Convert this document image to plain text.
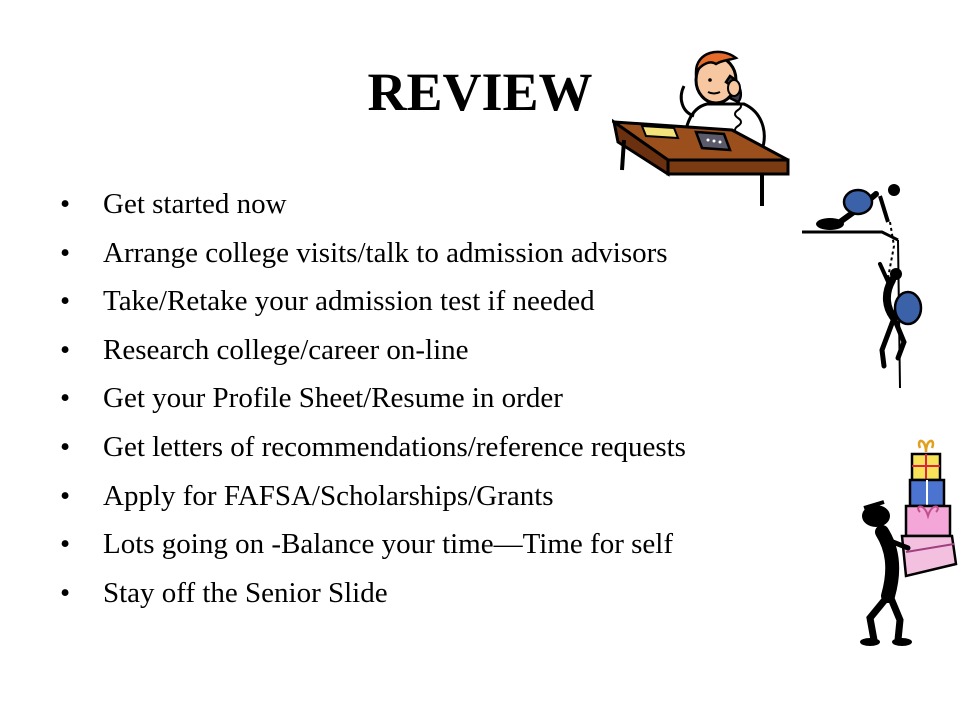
REVIEW
• Get started now
• Arrange college visits/talk to admission advisors
• Take/Retake your admission test if needed
• Research college/career on-line
• Get your Profile Sheet/Resume in order
• Get letters of recommendations/reference requests
• Apply for FAFSA/Scholarships/Grants
• Lots going on -Balance your time—Time for self
• Stay off the Senior Slide
